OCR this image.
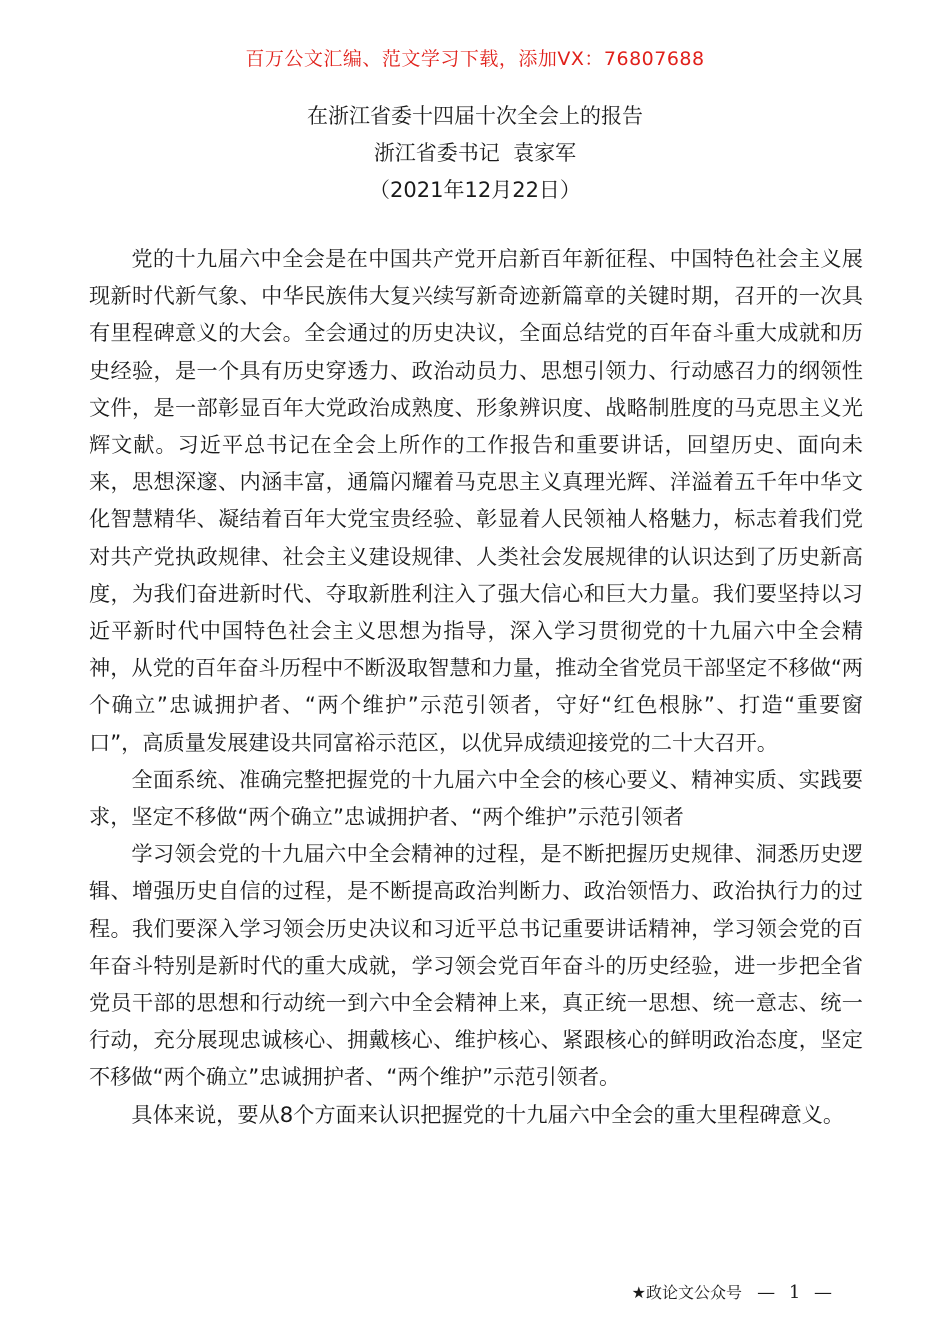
百万公文汇编、范文学习下载，添加VX：76807688
在浙江省委十四届十次全会上的报告
浙江省委书记  袁家军
（2021年12月22日）

党的十九届六中全会是在中国共产党开启新百年新征程、中国特色社会主义展现新时代新气象、中华民族伟大复兴续写新奇迹新篇章的关键时期，召开的一次具有里程碑意义的大会。全会通过的历史决议，全面总结党的百年奋斗重大成就和历史经验，是一个具有历史穿透力、政治动员力、思想引领力、行动感召力的纲领性文件，是一部彰显百年大党政治成熟度、形象辨识度、战略制胜度的马克思主义光辉文献。习近平总书记在全会上所作的工作报告和重要讲话，回望历史、面向未来，思想深邃、内涵丰富，通篇闪耀着马克思主义真理光辉、洋溢着五千年中华文化智慧精华、凝结着百年大党宝贵经验、彰显着人民领袖人格魅力，标志着我们党对共产党执政规律、社会主义建设规律、人类社会发展规律的认识达到了历史新高度，为我们奋进新时代、夺取新胜利注入了强大信心和巨大力量。我们要坚持以习近平新时代中国特色社会主义思想为指导，深入学习贯彻党的十九届六中全会精神，从党的百年奋斗历程中不断汲取智慧和力量，推动全省党员干部坚定不移做“两个确立”忠诚拥护者、“两个维护”示范引领者，守好“红色根脉”、打造“重要窗口”，高质量发展建设共同富裕示范区，以优异成绩迎接党的二十大召开。

全面系统、准确完整把握党的十九届六中全会的核心要义、精神实质、实践要求，坚定不移做“两个确立”忠诚拥护者、“两个维护”示范引领者

学习领会党的十九届六中全会精神的过程，是不断把握历史规律、洞悉历史逻辑、增强历史自信的过程，是不断提高政治判断力、政治领悟力、政治执行力的过程。我们要深入学习领会历史决议和习近平总书记重要讲话精神，学习领会党的百年奋斗特别是新时代的重大成就，学习领会党百年奋斗的历史经验，进一步把全省党员干部的思想和行动统一到六中全会精神上来，真正统一思想、统一意志、统一行动，充分展现忠诚核心、拥戴核心、维护核心、紧跟核心的鲜明政治态度，坚定不移做“两个确立”忠诚拥护者、“两个维护”示范引领者。

具体来说，要从8个方面来认识把握党的十九届六中全会的重大里程碑意义。

★政论文公众号 — 1 —
